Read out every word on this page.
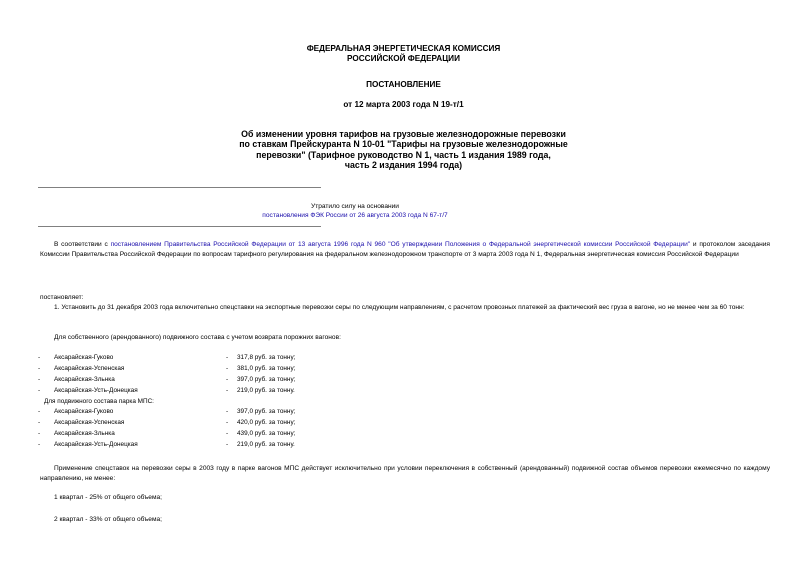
ФЕДЕРАЛЬНАЯ ЭНЕРГЕТИЧЕСКАЯ КОМИССИЯ
РОССИЙСКОЙ ФЕДЕРАЦИИ
ПОСТАНОВЛЕНИЕ
от 12 марта 2003 года N 19-т/1
Об изменении уровня тарифов на грузовые железнодорожные перевозки
по ставкам Прейскуранта N 10-01 "Тарифы на грузовые железнодорожные
перевозки" (Тарифное руководство N 1, часть 1 издания 1989 года,
часть 2 издания 1994 года)
Утратило силу на основании
постановления ФЭК России от 26 августа 2003 года N 67-т/7
В соответствии с постановлением Правительства Российской Федерации от 13 августа 1996 года N 960 "Об утверждении Положения о Федеральной энергетической комиссии Российской Федерации" и протоколом заседания Комиссии Правительства Российской Федерации по вопросам тарифного регулирования на федеральном железнодорожном транспорте от 3 марта 2003 года N 1, Федеральная энергетическая комиссия Российской Федерации
постановляет:
1. Установить до 31 декабря 2003 года включительно спецставки на экспортные перевозки серы по следующим направлениям, с расчетом провозных платежей за фактический вес груза в вагоне, но не менее чем за 60 тонн:
Для собственного (арендованного) подвижного состава с учетом возврата порожних вагонов:
- Аксарайская-Гуково	- 317,8 руб. за тонну;
- Аксарайская-Успенская	- 381,0 руб. за тонну;
- Аксарайская-Зльнка	- 397,0 руб. за тонну;
- Аксарайская-Усть-Донецкая	- 219,0 руб. за тонну.
Для подвижного состава парка МПС:
- Аксарайская-Гуково	- 397,0 руб. за тонну;
- Аксарайская-Успенская	- 420,0 руб. за тонну;
- Аксарайская-Зльнка	- 439,0 руб. за тонну;
- Аксарайская-Усть-Донецкая	- 219,0 руб. за тонну.
Применение спецставок на перевозки серы в 2003 году в парке вагонов МПС действует исключительно при условии переключения в собственный (арендованный) подвижной состав объемов перевозки ежемесячно по каждому направлению, не менее:
1 квартал - 25% от общего объема;
2 квартал - 33% от общего объема;
